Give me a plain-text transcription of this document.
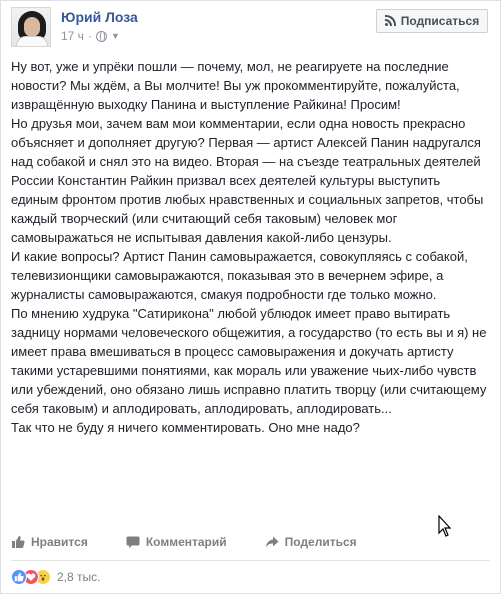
Юрий Лоза
17 ч · ▼
Подписаться

Ну вот, уже и упрёки пошли — почему, мол, не реагируете на последние новости? Мы ждём, а Вы молчите! Вы уж прокомментируйте, пожалуйста, извращённую выходку Панина и выступление Райкина! Просим!

Но друзья мои, зачем вам мои комментарии, если одна новость прекрасно объясняет и дополняет другую? Первая — артист Алексей Панин надругался над собакой и снял это на видео. Вторая — на съезде театральных деятелей России Константин Райкин призвал всех деятелей культуры выступить единым фронтом против любых нравственных и социальных запретов, чтобы каждый творческий (или считающий себя таковым) человек мог самовыражаться не испытывая давления какой-либо цензуры.

И какие вопросы? Артист Панин самовыражается, совокупляясь с собакой, телевизионщики самовыражаются, показывая это в вечернем эфире, а журналисты самовыражаются, смакуя подробности где только можно.

По мнению худрука "Сатирикона" любой ублюдок имеет право вытирать задницу нормами человеческого общежития, а государство (то есть вы и я) не имеет права вмешиваться в процесс самовыражения и докучать артисту такими устаревшими понятиями, как мораль или уважение чьих-либо чувств или убеждений, оно обязано лишь исправно платить творцу (или считающему себя таковым) и аплодировать, аплодировать, аплодировать...

Так что не буду я ничего комментировать. Оно мне надо?

Нравится	Комментарий	Поделиться
2,8 тыс.
